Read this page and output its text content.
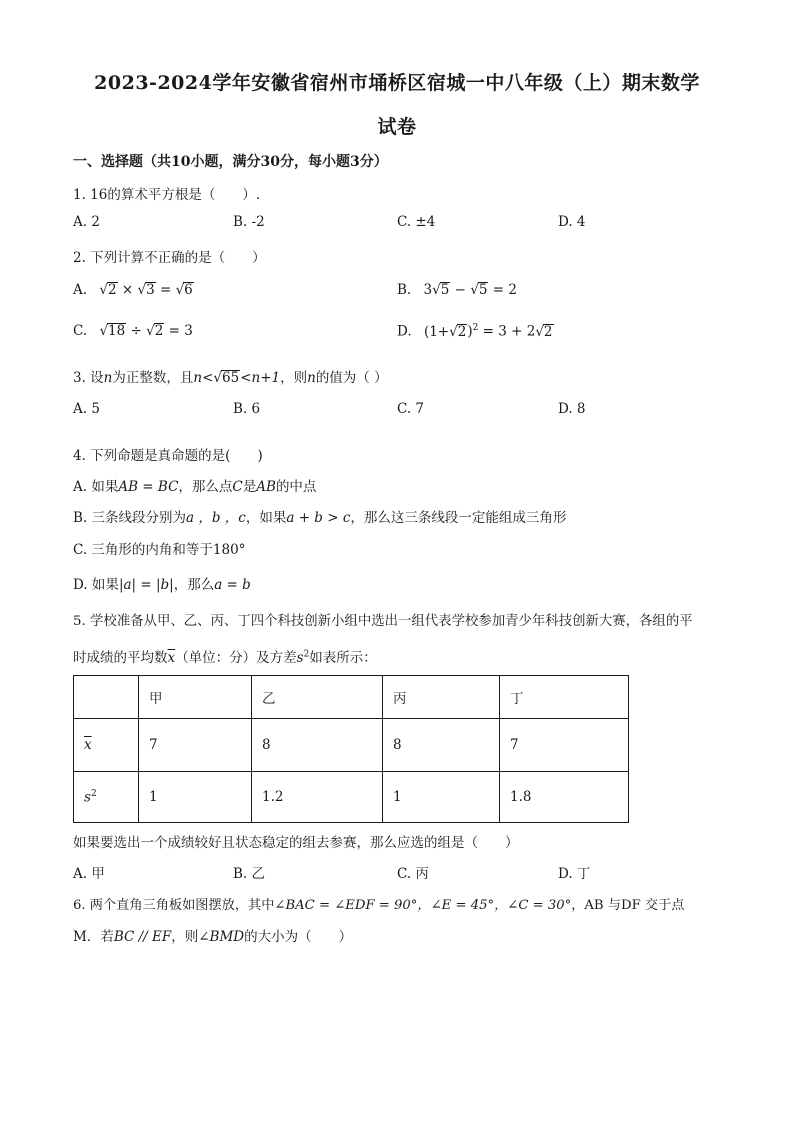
2023-2024学年安徽省宿州市埇桥区宿城一中八年级（上）期末数学
试卷
一、选择题（共10小题，满分30分，每小题3分）
1. 16的算术平方根是（　　）.
A. 2	B. -2	C. ±4	D. 4
2. 下列计算不正确的是（　　）
A. √2 × √3 = √6	B. 3√5 − √5 = 2
C. √18 ÷ √2 = 3	D. $(1+√2)^2 = 3 + 2√2$
3. 设n为正整数，且n<√65<n+1，则n的值为（ ）
A. 5	B. 6	C. 7	D. 8
4. 下列命题是真命题的是(　　)
A. 如果AB = BC，那么点C是AB的中点
B. 三条线段分别为a ，b ，c，如果a + b > c，那么这三条线段一定能组成三角形
C. 三角形的内角和等于180°
D. 如果|a| = |b|，那么a = b
5. 学校准备从甲、乙、丙、丁四个科技创新小组中选出一组代表学校参加青少年科技创新大赛，各组的平
时成绩的平均数$\overline{x}$（单位：分）及方差$s^2$如表所示：
	甲	乙	丙	丁
$\overline{x}$	7	8	8	7
$s^2$	1	1.2	1	1.8
如果要选出一个成绩较好且状态稳定的组去参赛，那么应选的组是（　　）
A. 甲	B. 乙	C. 丙	D. 丁
6. 两个直角三角板如图摆放，其中∠BAC = ∠EDF = 90°，∠E = 45°，∠C = 30°，AB 与DF 交于点
M．若BC // EF，则∠BMD的大小为（　　）
